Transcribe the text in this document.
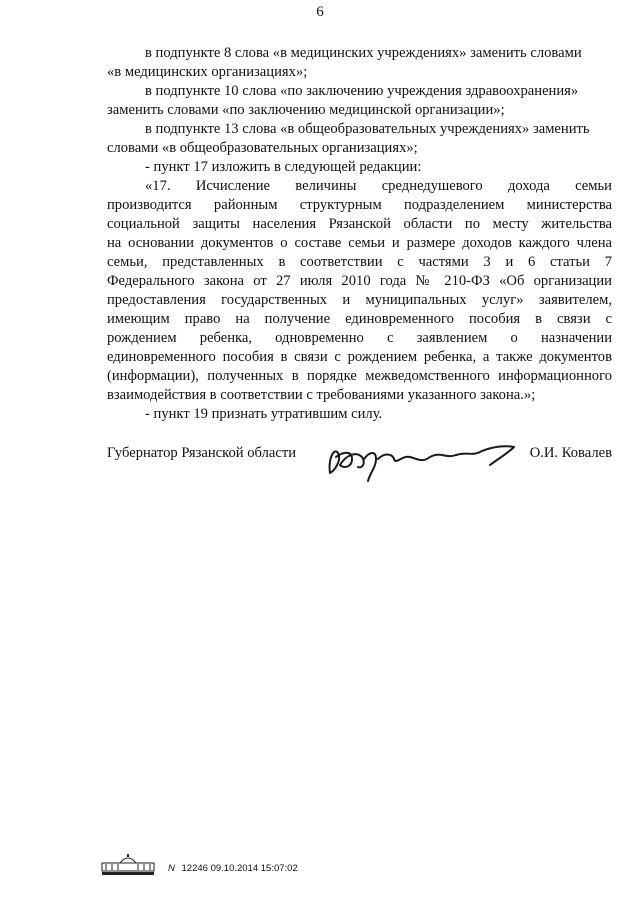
6

в подпункте 8 слова «в медицинских учреждениях» заменить словами

«в медицинских организациях»;

в подпункте 10 слова «по заключению учреждения здравоохранения»

заменить словами «по заключению медицинской организации»;

в подпункте 13 слова «в общеобразовательных учреждениях» заменить

словами «в общеобразовательных организациях»;

- пункт 17 изложить в следующей редакции:

«17. Исчисление величины среднедушевого дохода семьи
производится районным структурным подразделением министерства
социальной защиты населения Рязанской области по месту жительства
на основании документов о составе семьи и размере доходов каждого члена
семьи, представленных в соответствии с частями 3 и 6 статьи 7
Федерального закона от 27 июля 2010 года № 210-ФЗ «Об организации
предоставления государственных и муниципальных услуг» заявителем,
имеющим право на получение единовременного пособия в связи с
рождением ребенка, одновременно с заявлением о назначении
единовременного пособия в связи с рождением ребенка, а также документов
(информации), полученных в порядке межведомственного информационного
взаимодействия в соответствии с требованиями указанного закона.»;

- пункт 19 признать утратившим силу.

Губернатор Рязанской области	О.И. Ковалев
N 12246 09.10.2014 15:07:02
